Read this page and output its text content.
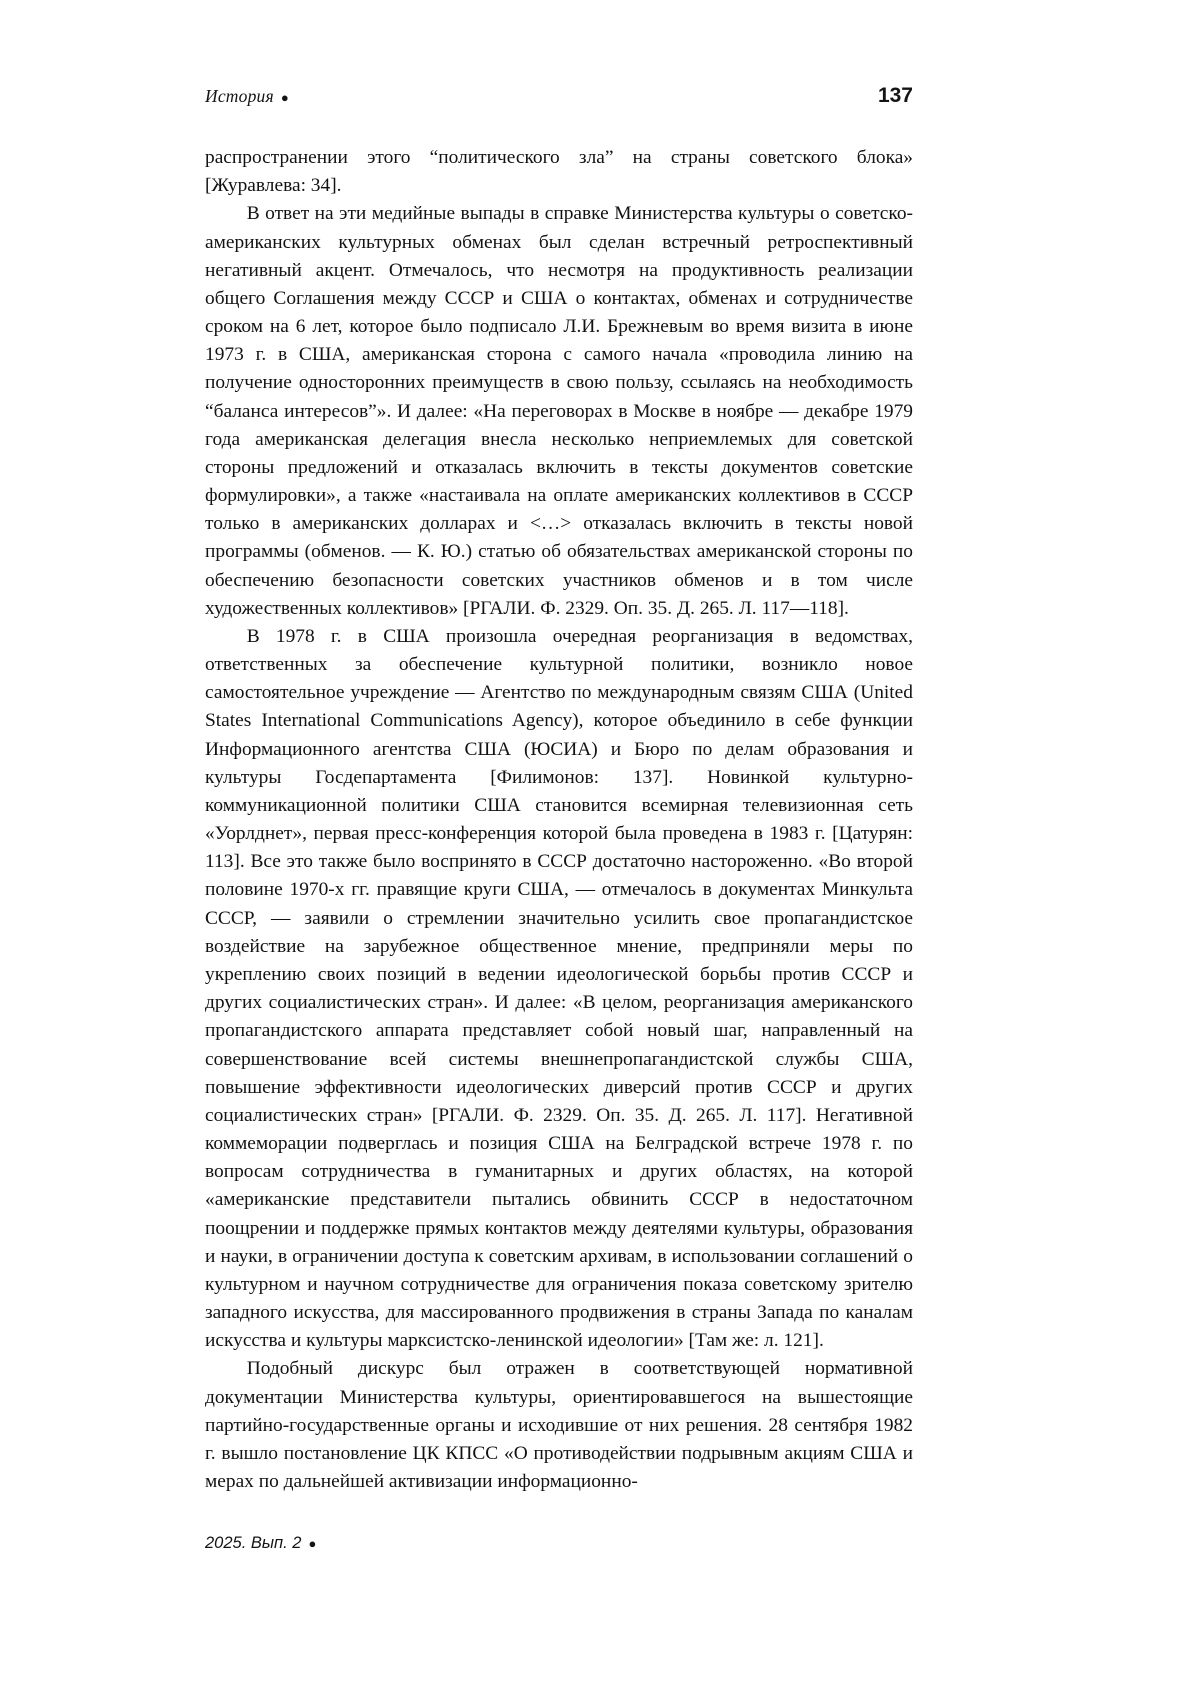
История ●	137

распространении этого “политического зла” на страны советского блока» [Журавлева: 34].

В ответ на эти медийные выпады в справке Министерства культуры о советско-американских культурных обменах был сделан встречный ретроспективный негативный акцент. Отмечалось, что несмотря на продуктивность реализации общего Соглашения между СССР и США о контактах, обменах и сотрудничестве сроком на 6 лет, которое было подписало Л.И. Брежневым во время визита в июне 1973 г. в США, американская сторона с самого начала «проводила линию на получение односторонних преимуществ в свою пользу, ссылаясь на необходимость “баланса интересов”». И далее: «На переговорах в Москве в ноябре — декабре 1979 года американская делегация внесла несколько неприемлемых для советской стороны предложений и отказалась включить в тексты документов советские формулировки», а также «настаивала на оплате американских коллективов в СССР только в американских долларах и <…> отказалась включить в тексты новой программы (обменов. — К. Ю.) статью об обязательствах американской стороны по обеспечению безопасности советских участников обменов и в том числе художественных коллективов» [РГАЛИ. Ф. 2329. Оп. 35. Д. 265. Л. 117—118].

В 1978 г. в США произошла очередная реорганизация в ведомствах, ответственных за обеспечение культурной политики, возникло новое самостоятельное учреждение — Агентство по международным связям США (United States International Communications Agency), которое объединило в себе функции Информационного агентства США (ЮСИА) и Бюро по делам образования и культуры Госдепартамента [Филимонов: 137]. Новинкой культурно-коммуникационной политики США становится всемирная телевизионная сеть «Уорлднет», первая пресс-конференция которой была проведена в 1983 г. [Цатурян: 113]. Все это также было воспринято в СССР достаточно настороженно. «Во второй половине 1970-х гг. правящие круги США, — отмечалось в документах Минкульта СССР, — заявили о стремлении значительно усилить свое пропагандистское воздействие на зарубежное общественное мнение, предприняли меры по укреплению своих позиций в ведении идеологической борьбы против СССР и других социалистических стран». И далее: «В целом, реорганизация американского пропагандистского аппарата представляет собой новый шаг, направленный на совершенствование всей системы внешнепропагандистской службы США, повышение эффективности идеологических диверсий против СССР и других социалистических стран» [РГАЛИ. Ф. 2329. Оп. 35. Д. 265. Л. 117]. Негативной коммеморации подверглась и позиция США на Белградской встрече 1978 г. по вопросам сотрудничества в гуманитарных и других областях, на которой «американские представители пытались обвинить СССР в недостаточном поощрении и поддержке прямых контактов между деятелями культуры, образования и науки, в ограничении доступа к советским архивам, в использовании соглашений о культурном и научном сотрудничестве для ограничения показа советскому зрителю западного искусства, для массированного продвижения в страны Запада по каналам искусства и культуры марксистско-ленинской идеологии» [Там же: л. 121].

Подобный дискурс был отражен в соответствующей нормативной документации Министерства культуры, ориентировавшегося на вышестоящие партийно-государственные органы и исходившие от них решения. 28 сентября 1982 г. вышло постановление ЦК КПСС «О противодействии подрывным акциям США и мерах по дальнейшей активизации информационно-

2025. Вып. 2 ●
